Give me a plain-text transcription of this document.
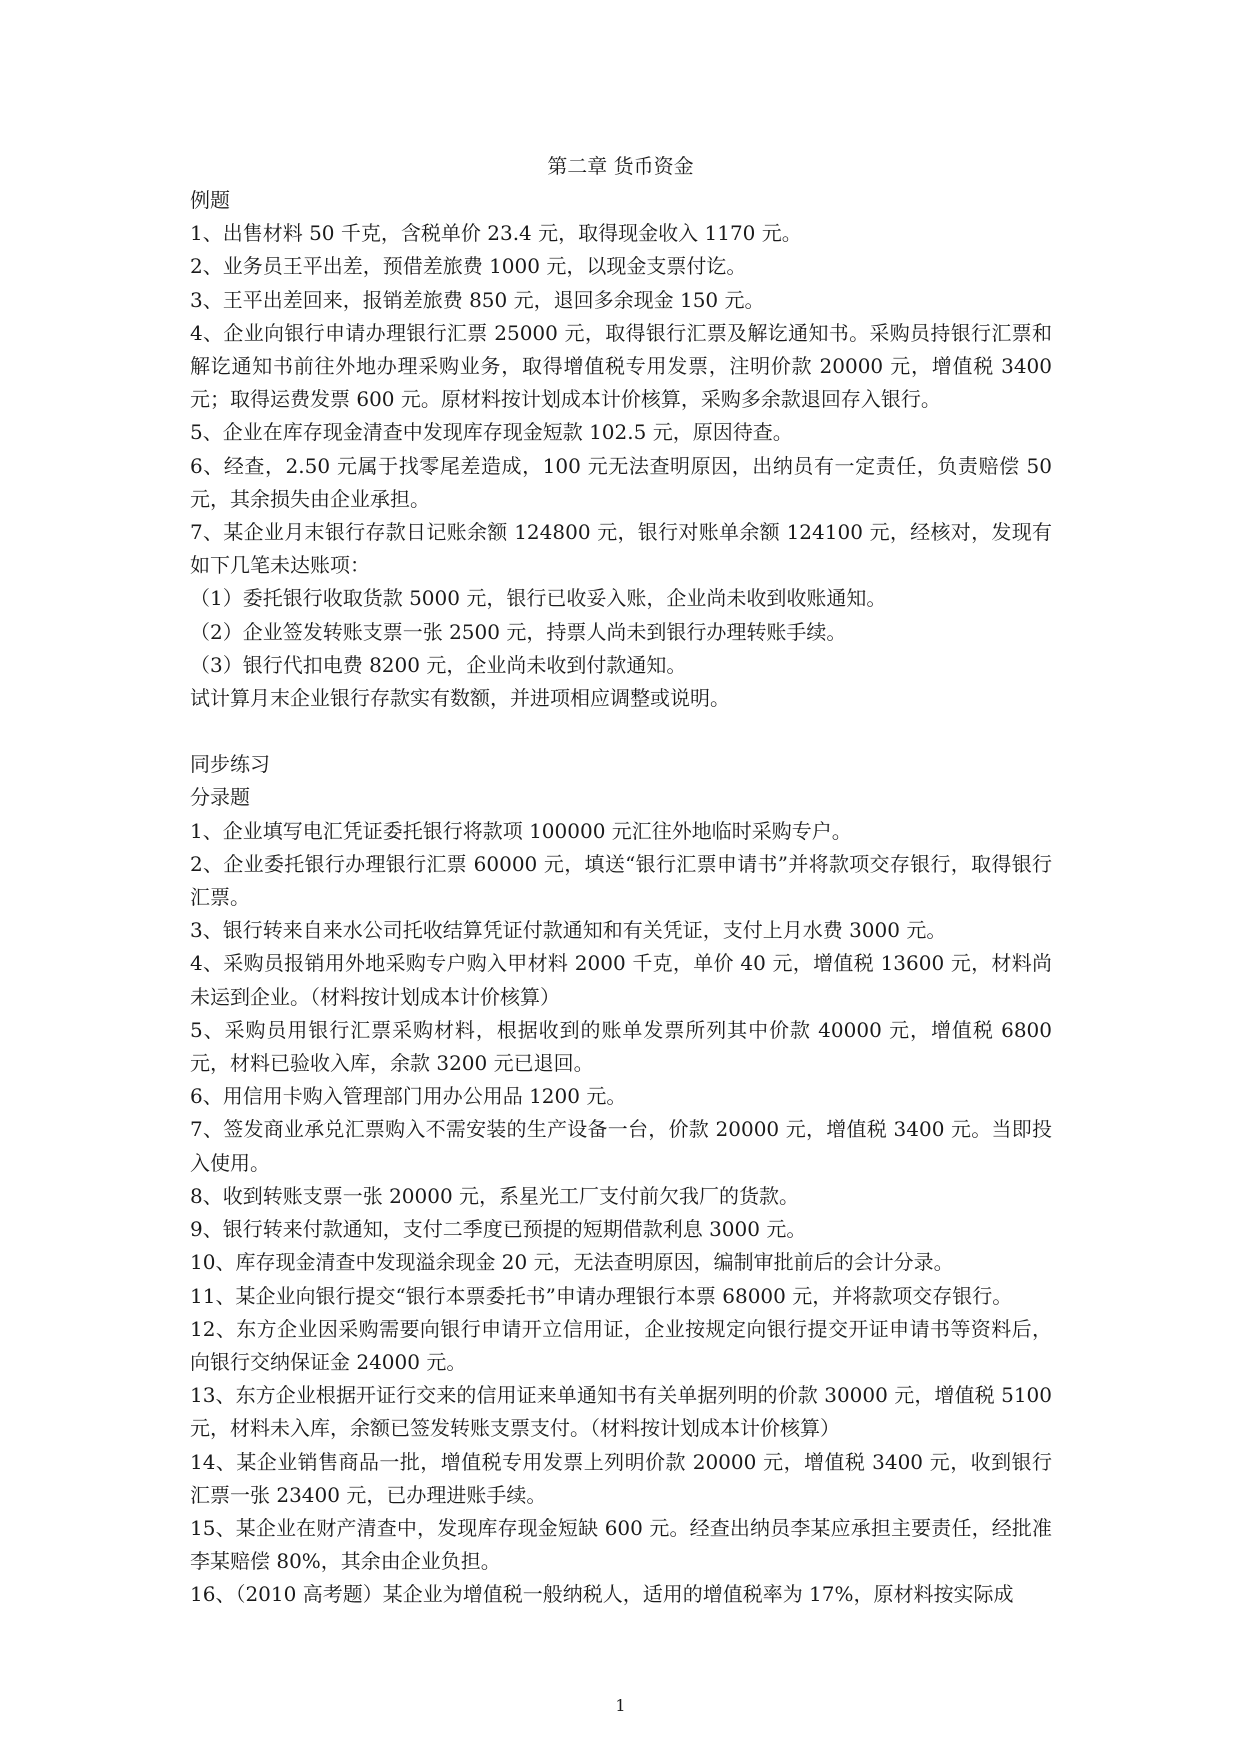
第二章 货币资金

例题

1、出售材料 50 千克，含税单价 23.4 元，取得现金收入 1170 元。

2、业务员王平出差，预借差旅费 1000 元，以现金支票付讫。

3、王平出差回来，报销差旅费 850 元，退回多余现金 150 元。

4、企业向银行申请办理银行汇票 25000 元，取得银行汇票及解讫通知书。采购员持银行汇票和解讫通知书前往外地办理采购业务，取得增值税专用发票，注明价款 20000 元，增值税 3400 元；取得运费发票 600 元。原材料按计划成本计价核算，采购多余款退回存入银行。

5、企业在库存现金清查中发现库存现金短款 102.5 元，原因待查。

6、经查，2.50 元属于找零尾差造成，100 元无法查明原因，出纳员有一定责任，负责赔偿 50 元，其余损失由企业承担。

7、某企业月末银行存款日记账余额 124800 元，银行对账单余额 124100 元，经核对，发现有如下几笔未达账项：

（1）委托银行收取货款 5000 元，银行已收妥入账，企业尚未收到收账通知。

（2）企业签发转账支票一张 2500 元，持票人尚未到银行办理转账手续。

（3）银行代扣电费 8200 元，企业尚未收到付款通知。

试计算月末企业银行存款实有数额，并进项相应调整或说明。

同步练习

分录题

1、企业填写电汇凭证委托银行将款项 100000 元汇往外地临时采购专户。

2、企业委托银行办理银行汇票 60000 元，填送“银行汇票申请书”并将款项交存银行，取得银行汇票。

3、银行转来自来水公司托收结算凭证付款通知和有关凭证，支付上月水费 3000 元。

4、采购员报销用外地采购专户购入甲材料 2000 千克，单价 40 元，增值税 13600 元，材料尚未运到企业。（材料按计划成本计价核算）

5、采购员用银行汇票采购材料，根据收到的账单发票所列其中价款 40000 元，增值税 6800 元，材料已验收入库，余款 3200 元已退回。

6、用信用卡购入管理部门用办公用品 1200 元。

7、签发商业承兑汇票购入不需安装的生产设备一台，价款 20000 元，增值税 3400 元。当即投入使用。

8、收到转账支票一张 20000 元，系星光工厂支付前欠我厂的货款。

9、银行转来付款通知，支付二季度已预提的短期借款利息 3000 元。

10、库存现金清查中发现溢余现金 20 元，无法查明原因，编制审批前后的会计分录。

11、某企业向银行提交“银行本票委托书”申请办理银行本票 68000 元，并将款项交存银行。

12、东方企业因采购需要向银行申请开立信用证，企业按规定向银行提交开证申请书等资料后，向银行交纳保证金 24000 元。

13、东方企业根据开证行交来的信用证来单通知书有关单据列明的价款 30000 元，增值税 5100 元，材料未入库，余额已签发转账支票支付。（材料按计划成本计价核算）

14、某企业销售商品一批，增值税专用发票上列明价款 20000 元，增值税 3400 元，收到银行汇票一张 23400 元，已办理进账手续。

15、某企业在财产清查中，发现库存现金短缺 600 元。经查出纳员李某应承担主要责任，经批准李某赔偿 80%，其余由企业负担。

16、（2010 高考题）某企业为增值税一般纳税人，适用的增值税率为 17%，原材料按实际成

1
